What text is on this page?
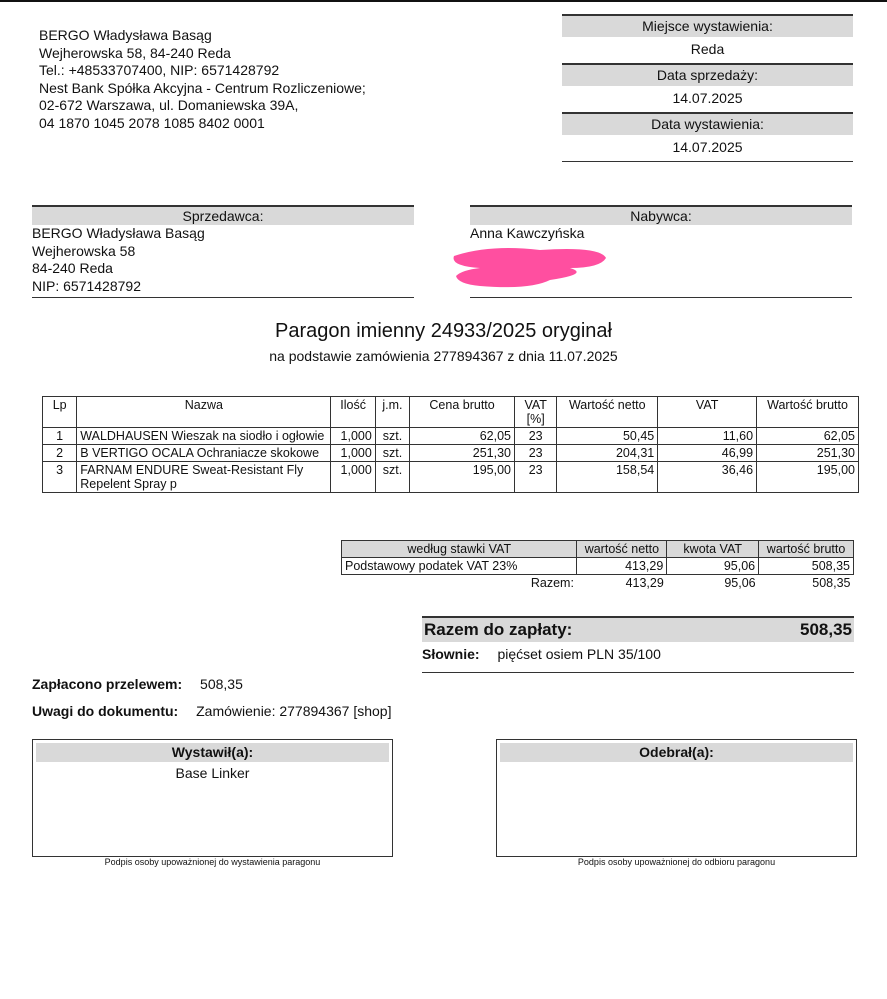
BERGO Władysława Basąg
Wejherowska 58, 84-240 Reda
Tel.: +48533707400, NIP: 6571428792
Nest Bank Spółka Akcyjna - Centrum Rozliczeniowe;
02-672 Warszawa, ul. Domaniewska 39A,
04 1870 1045 2078 1085 8402 0001
Miejsce wystawienia:
Reda
Data sprzedaży:
14.07.2025
Data wystawienia:
14.07.2025
Sprzedawca:
BERGO Władysława Basąg
Wejherowska 58
84-240 Reda
NIP: 6571428792
Nabywca:
Anna Kawczyńska
Paragon imienny 24933/2025 oryginał
na podstawie zamówienia 277894367 z dnia 11.07.2025
Lp	Nazwa	Ilość	j.m.	Cena brutto	VAT [%]	Wartość netto	VAT	Wartość brutto
1	WALDHAUSEN Wieszak na siodło i ogłowie	1,000	szt.	62,05	23	50,45	11,60	62,05
2	B VERTIGO OCALA Ochraniacze skokowe	1,000	szt.	251,30	23	204,31	46,99	251,30
3	FARNAM ENDURE Sweat-Resistant Fly Repelent Spray p	1,000	szt.	195,00	23	158,54	36,46	195,00
według stawki VAT	wartość netto	kwota VAT	wartość brutto
Podstawowy podatek VAT 23%	413,29	95,06	508,35
Razem:	413,29	95,06	508,35
Razem do zapłaty:	508,35
Słownie: pięćset osiem PLN 35/100
Zapłacono przelewem: 508,35
Uwagi do dokumentu: Zamówienie: 277894367 [shop]
Wystawił(a):
Base Linker
Podpis osoby upoważnionej do wystawienia paragonu
Odebrał(a):
Podpis osoby upoważnionej do odbioru paragonu
